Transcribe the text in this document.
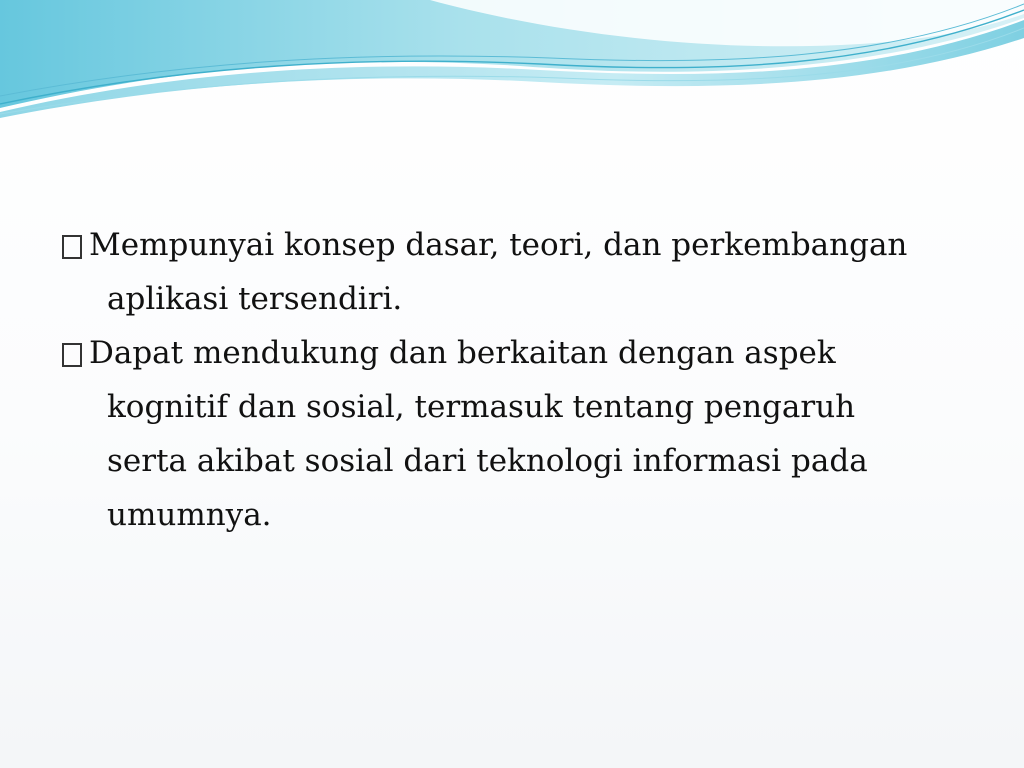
Mempunyai konsep dasar, teori, dan perkembangan
aplikasi tersendiri.
Dapat mendukung dan berkaitan dengan aspek
kognitif dan sosial, termasuk tentang pengaruh
serta akibat sosial dari teknologi informasi pada
umumnya.
